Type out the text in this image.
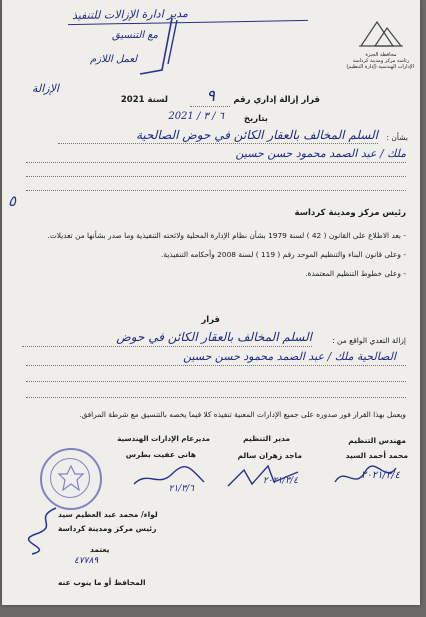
مدير ادارة الإزالات للتنفيذ
مع التنسيق
لعمل اللازم
الإزالة
محافظة الجيزة
رئاسة مركز ومدينة كرداسة
الإدارات الهندسية (إدارة التنظيم)
قرار إزالة إداري رقم
٩
لسنة 2021
بتاريخ
٦ / ٣ / 2021
بشأن :
السلم المخالف بالعقار الكائن في حوض الصالحية
ملك / عبد الصمد محمود حسن حسين
٥
رئيس مركز ومدينة كرداسة
- بعد الاطلاع على القانون ( 42 ) لسنة 1979 بشأن نظام الإدارة المحلية ولائحته التنفيذية وما صدر بشأنها من تعديلات.
- وعلى قانون البناء والتنظيم الموحد رقم ( 119 ) لسنة 2008 وأحكامه التنفيذية.
- وعلى خطوط التنظيم المعتمدة.
قرار
إزالة التعدي الواقع من :
السلم المخالف بالعقار الكائن في حوض
الصالحية ملك / عبد الصمد محمود حسن حسين
ويعمل بهذا القرار فور صدوره على جميع الإدارات المعنية تنفيذه كلا فيما يخصه بالتنسيق مع شرطة المرافق.
مهندس التنظيم
محمد أحمد السيد
٢٠٢١/٣/٤
مدير التنظيم
ماجد زهران سالم
٢٠٢١/٣/٤
مديرعام الإدارات الهندسية
هانى عفيت بطرس
٢١/٣/٦
لواء/ محمد عبد العظيم سيد
رئيس مركز ومدينة كرداسة
يعتمد
٤٧٧٨٩
المحافظ أو ما ينوب عنه
